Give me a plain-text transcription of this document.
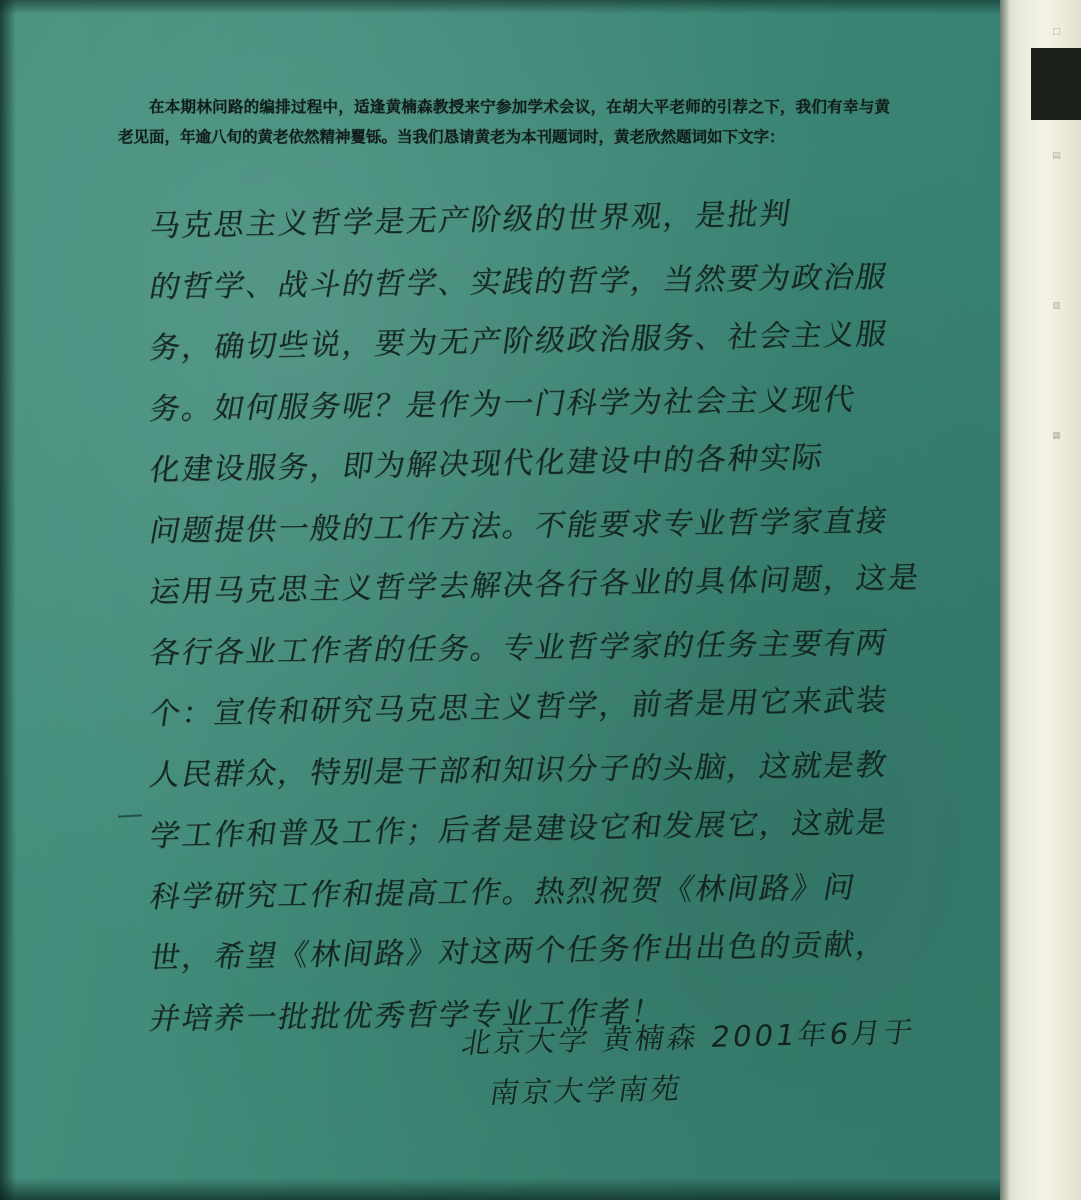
在本期林问路的编排过程中，适逢黄楠森教授来宁参加学术会议，在胡大平老师的引荐之下，我们有幸与黄老见面，年逾八旬的黄老依然精神矍铄。当我们恳请黄老为本刊题词时，黄老欣然题词如下文字：
马克思主义哲学是无产阶级的世界观，是批判
的哲学、战斗的哲学、实践的哲学，当然要为政治服
务，确切些说，要为无产阶级政治服务、社会主义服
务。如何服务呢？是作为一门科学为社会主义现代
化建设服务，即为解决现代化建设中的各种实际
问题提供一般的工作方法。不能要求专业哲学家直接
运用马克思主义哲学去解决各行各业的具体问题，这是
各行各业工作者的任务。专业哲学家的任务主要有两
个：宣传和研究马克思主义哲学，前者是用它来武装
人民群众，特别是干部和知识分子的头脑，这就是教
学工作和普及工作；后者是建设它和发展它，这就是
科学研究工作和提高工作。热烈祝贺《林间路》问
世，希望《林间路》对这两个任务作出出色的贡献，
并培养一批批优秀哲学专业工作者！
北京大学 黄楠森 2001年6月于
南京大学南苑
□
▤
▥
▦
